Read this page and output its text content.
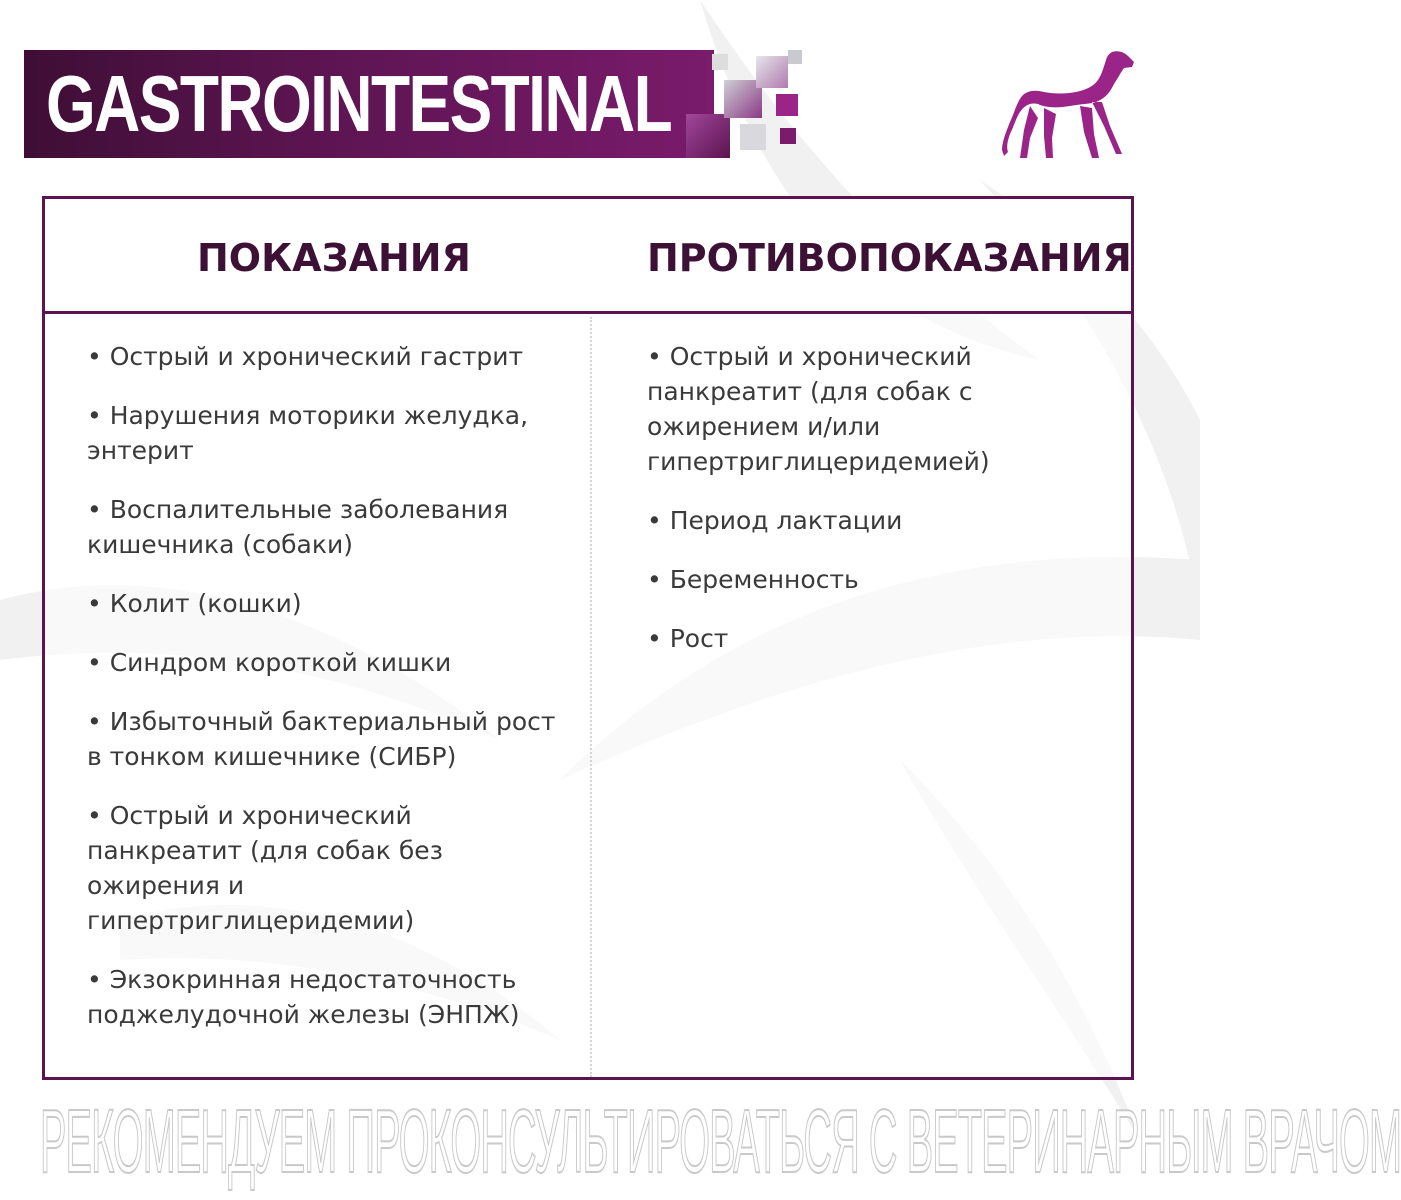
GASTROINTESTINAL
ПОКАЗАНИЯ	ПРОТИВОПОКАЗАНИЯ
• Острый и хронический гастрит
• Нарушения моторики желудка, энтерит
• Воспалительные заболевания кишечника (собаки)
• Колит (кошки)
• Синдром короткой кишки
• Избыточный бактериальный рост в тонком кишечнике (СИБР)
• Острый и хронический панкреатит (для собак без ожирения и гипертриглицеридемии)
• Экзокринная недостаточность поджелудочной железы (ЭНПЖ)
• Острый и хронический панкреатит (для собак с ожирением и/или гипертриглицеридемией)
• Период лактации
• Беременность
• Рост
РЕКОМЕНДУЕМ ПРОКОНСУЛЬТИРОВАТЬСЯ С ВЕТЕРИНАРНЫМ ВРАЧОМ
